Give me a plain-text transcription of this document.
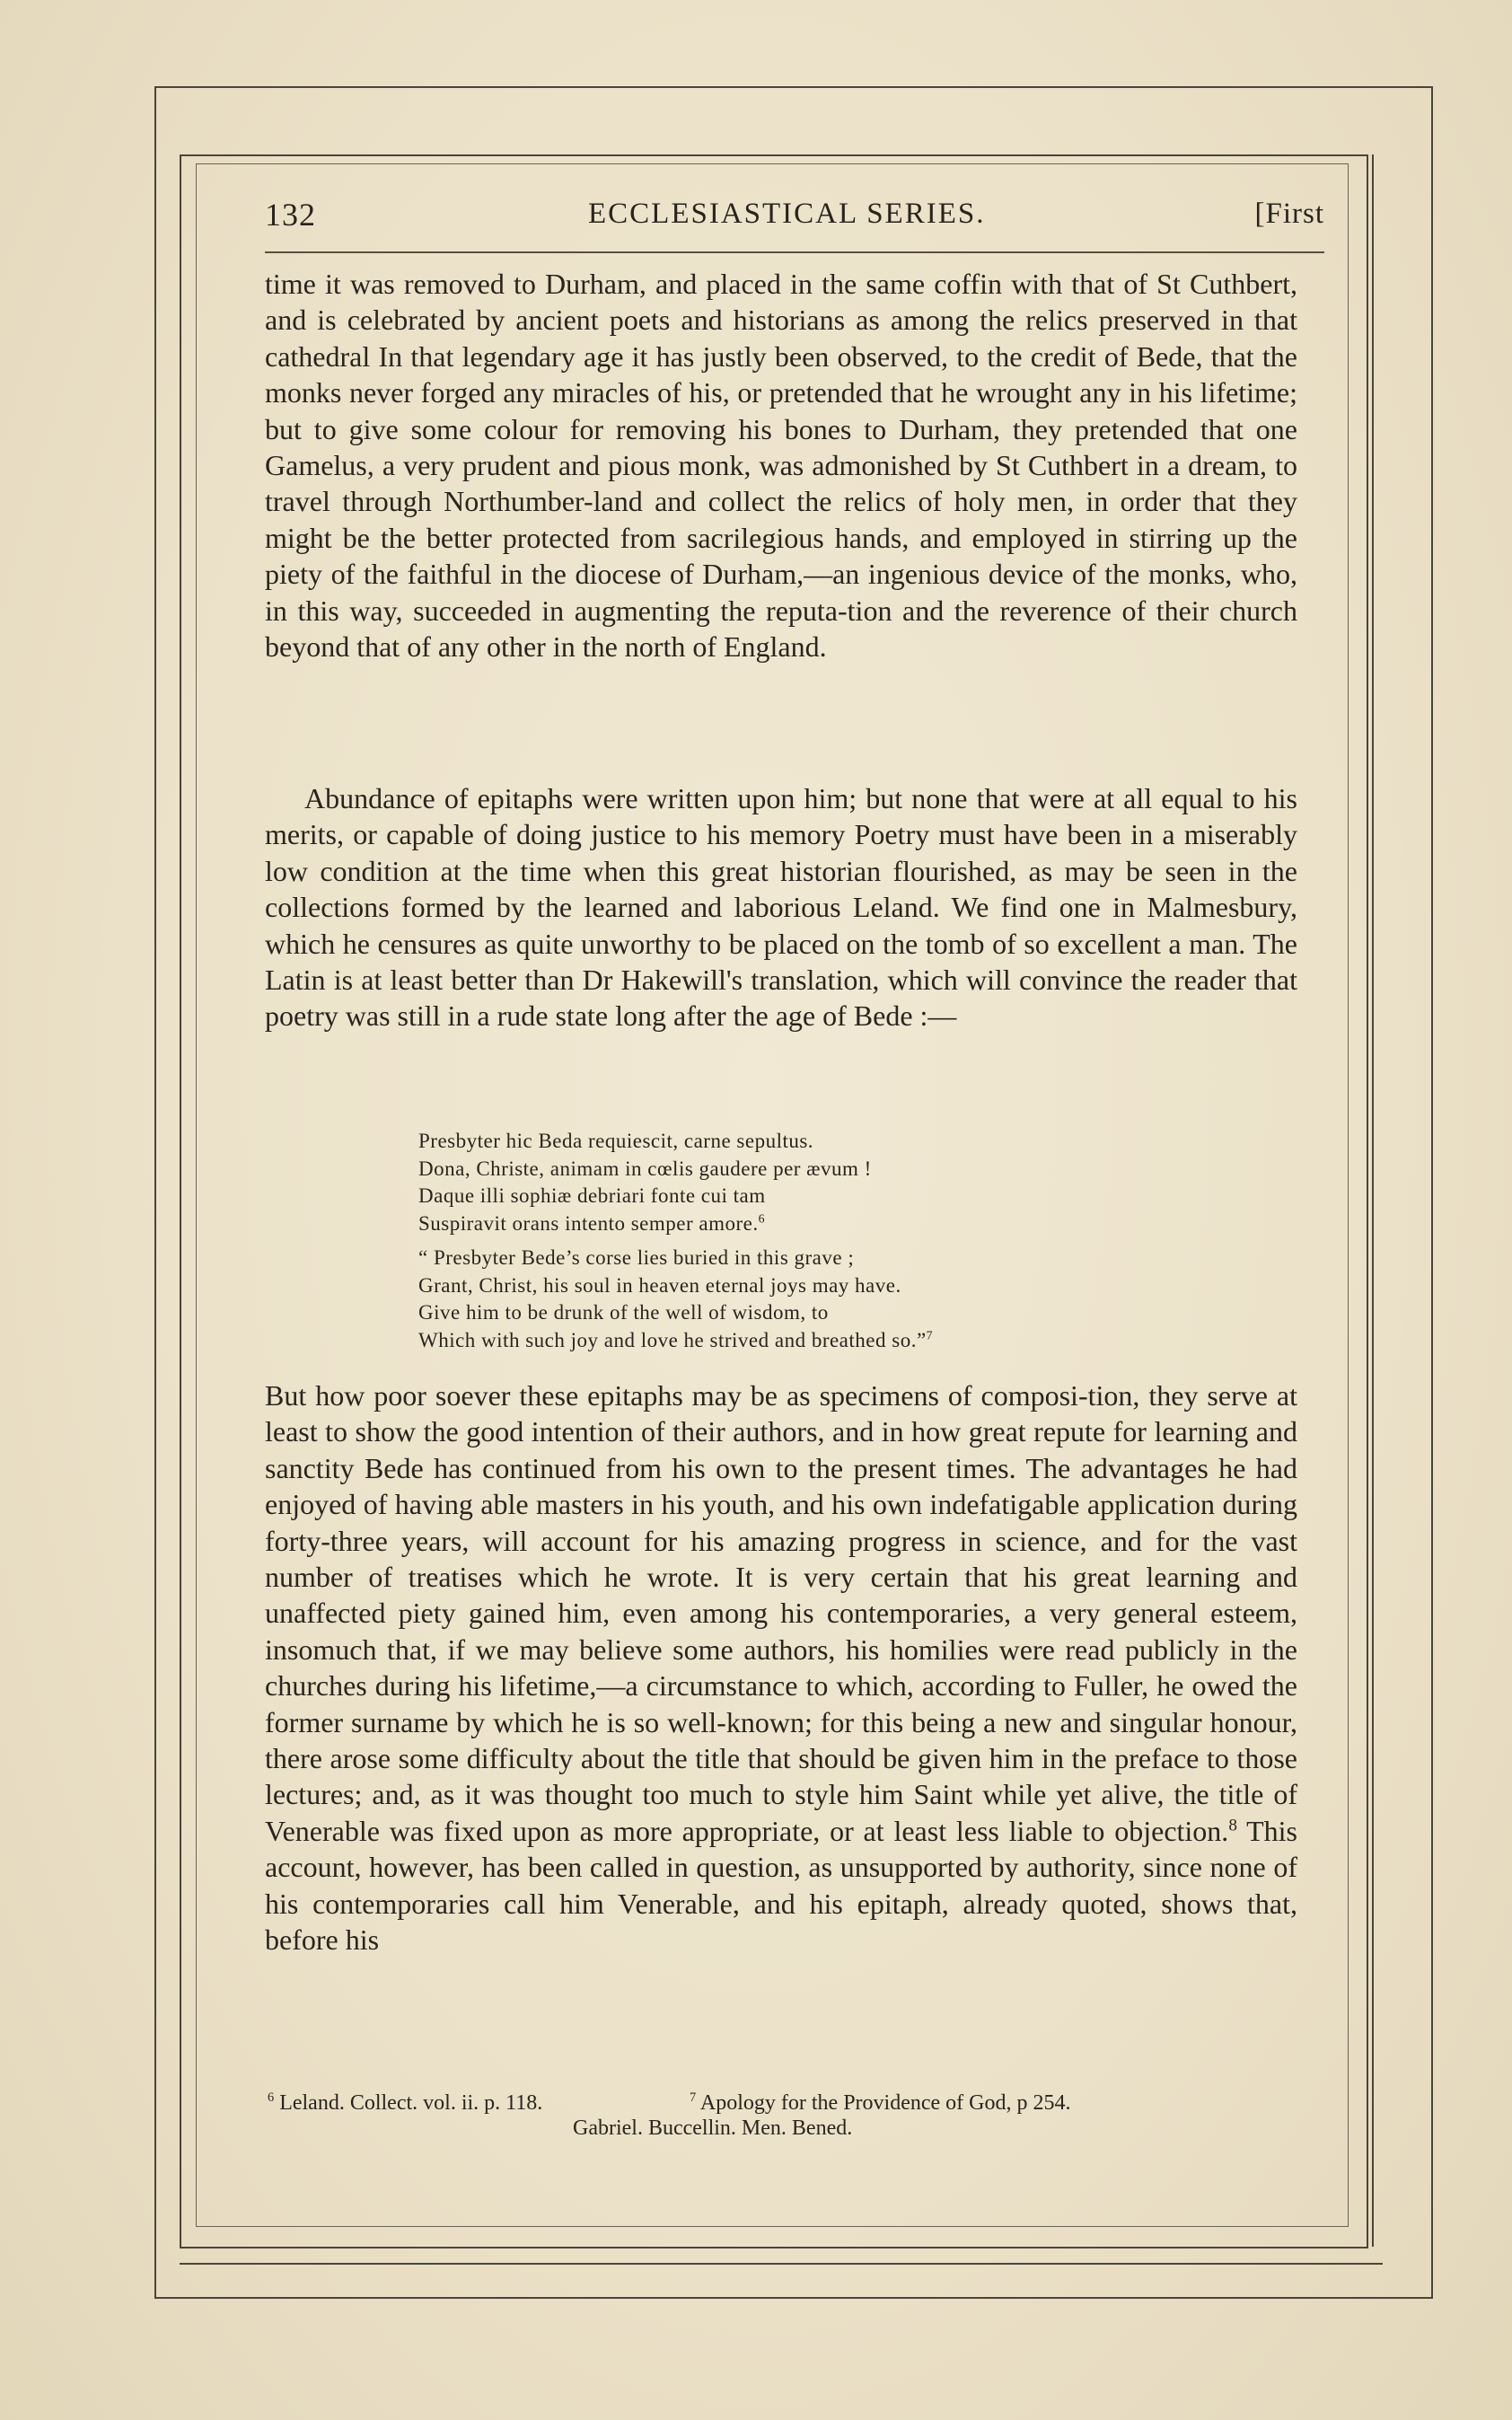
132	ECCLESIASTICAL SERIES.	[First

time it was removed to Durham, and placed in the same coffin with that of St Cuthbert, and is celebrated by ancient poets and historians as among the relics preserved in that cathedral In that legendary age it has justly been observed, to the credit of Bede, that the monks never forged any miracles of his, or pretended that he wrought any in his lifetime; but to give some colour for removing his bones to Durham, they pretended that one Gamelus, a very prudent and pious monk, was admonished by St Cuthbert in a dream, to travel through Northumber-land and collect the relics of holy men, in order that they might be the better protected from sacrilegious hands, and employed in stirring up the piety of the faithful in the diocese of Durham,—an ingenious device of the monks, who, in this way, succeeded in augmenting the reputa-tion and the reverence of their church beyond that of any other in the north of England.

Abundance of epitaphs were written upon him; but none that were at all equal to his merits, or capable of doing justice to his memory Poetry must have been in a miserably low condition at the time when this great historian flourished, as may be seen in the collections formed by the learned and laborious Leland. We find one in Malmesbury, which he censures as quite unworthy to be placed on the tomb of so excellent a man. The Latin is at least better than Dr Hakewill's translation, which will convince the reader that poetry was still in a rude state long after the age of Bede :—

Presbyter hic Beda requiescit, carne sepultus.
Dona, Christe, animam in cœlis gaudere per ævum !
Daque illi sophiæ debriari fonte cui tam
Suspiravit orans intento semper amore.$^6$
“ Presbyter Bede’s corse lies buried in this grave ;
Grant, Christ, his soul in heaven eternal joys may have.
Give him to be drunk of the well of wisdom, to
Which with such joy and love he strived and breathed so.”$^7$

But how poor soever these epitaphs may be as specimens of composi-tion, they serve at least to show the good intention of their authors, and in how great repute for learning and sanctity Bede has continued from his own to the present times. The advantages he had enjoyed of having able masters in his youth, and his own indefatigable application during forty-three years, will account for his amazing progress in science, and for the vast number of treatises which he wrote. It is very certain that his great learning and unaffected piety gained him, even among his contemporaries, a very general esteem, insomuch that, if we may believe some authors, his homilies were read publicly in the churches during his lifetime,—a circumstance to which, according to Fuller, he owed the former surname by which he is so well-known; for this being a new and singular honour, there arose some difficulty about the title that should be given him in the preface to those lectures; and, as it was thought too much to style him Saint while yet alive, the title of Venerable was fixed upon as more appropriate, or at least less liable to objection.$^8$ This account, however, has been called in question, as unsupported by authority, since none of his contemporaries call him Venerable, and his epitaph, already quoted, shows that, before his

$^6$ Leland. Collect. vol. ii. p. 118.	$^7$ Apology for the Providence of God, p 254.
Gabriel. Buccellin. Men. Bened.
